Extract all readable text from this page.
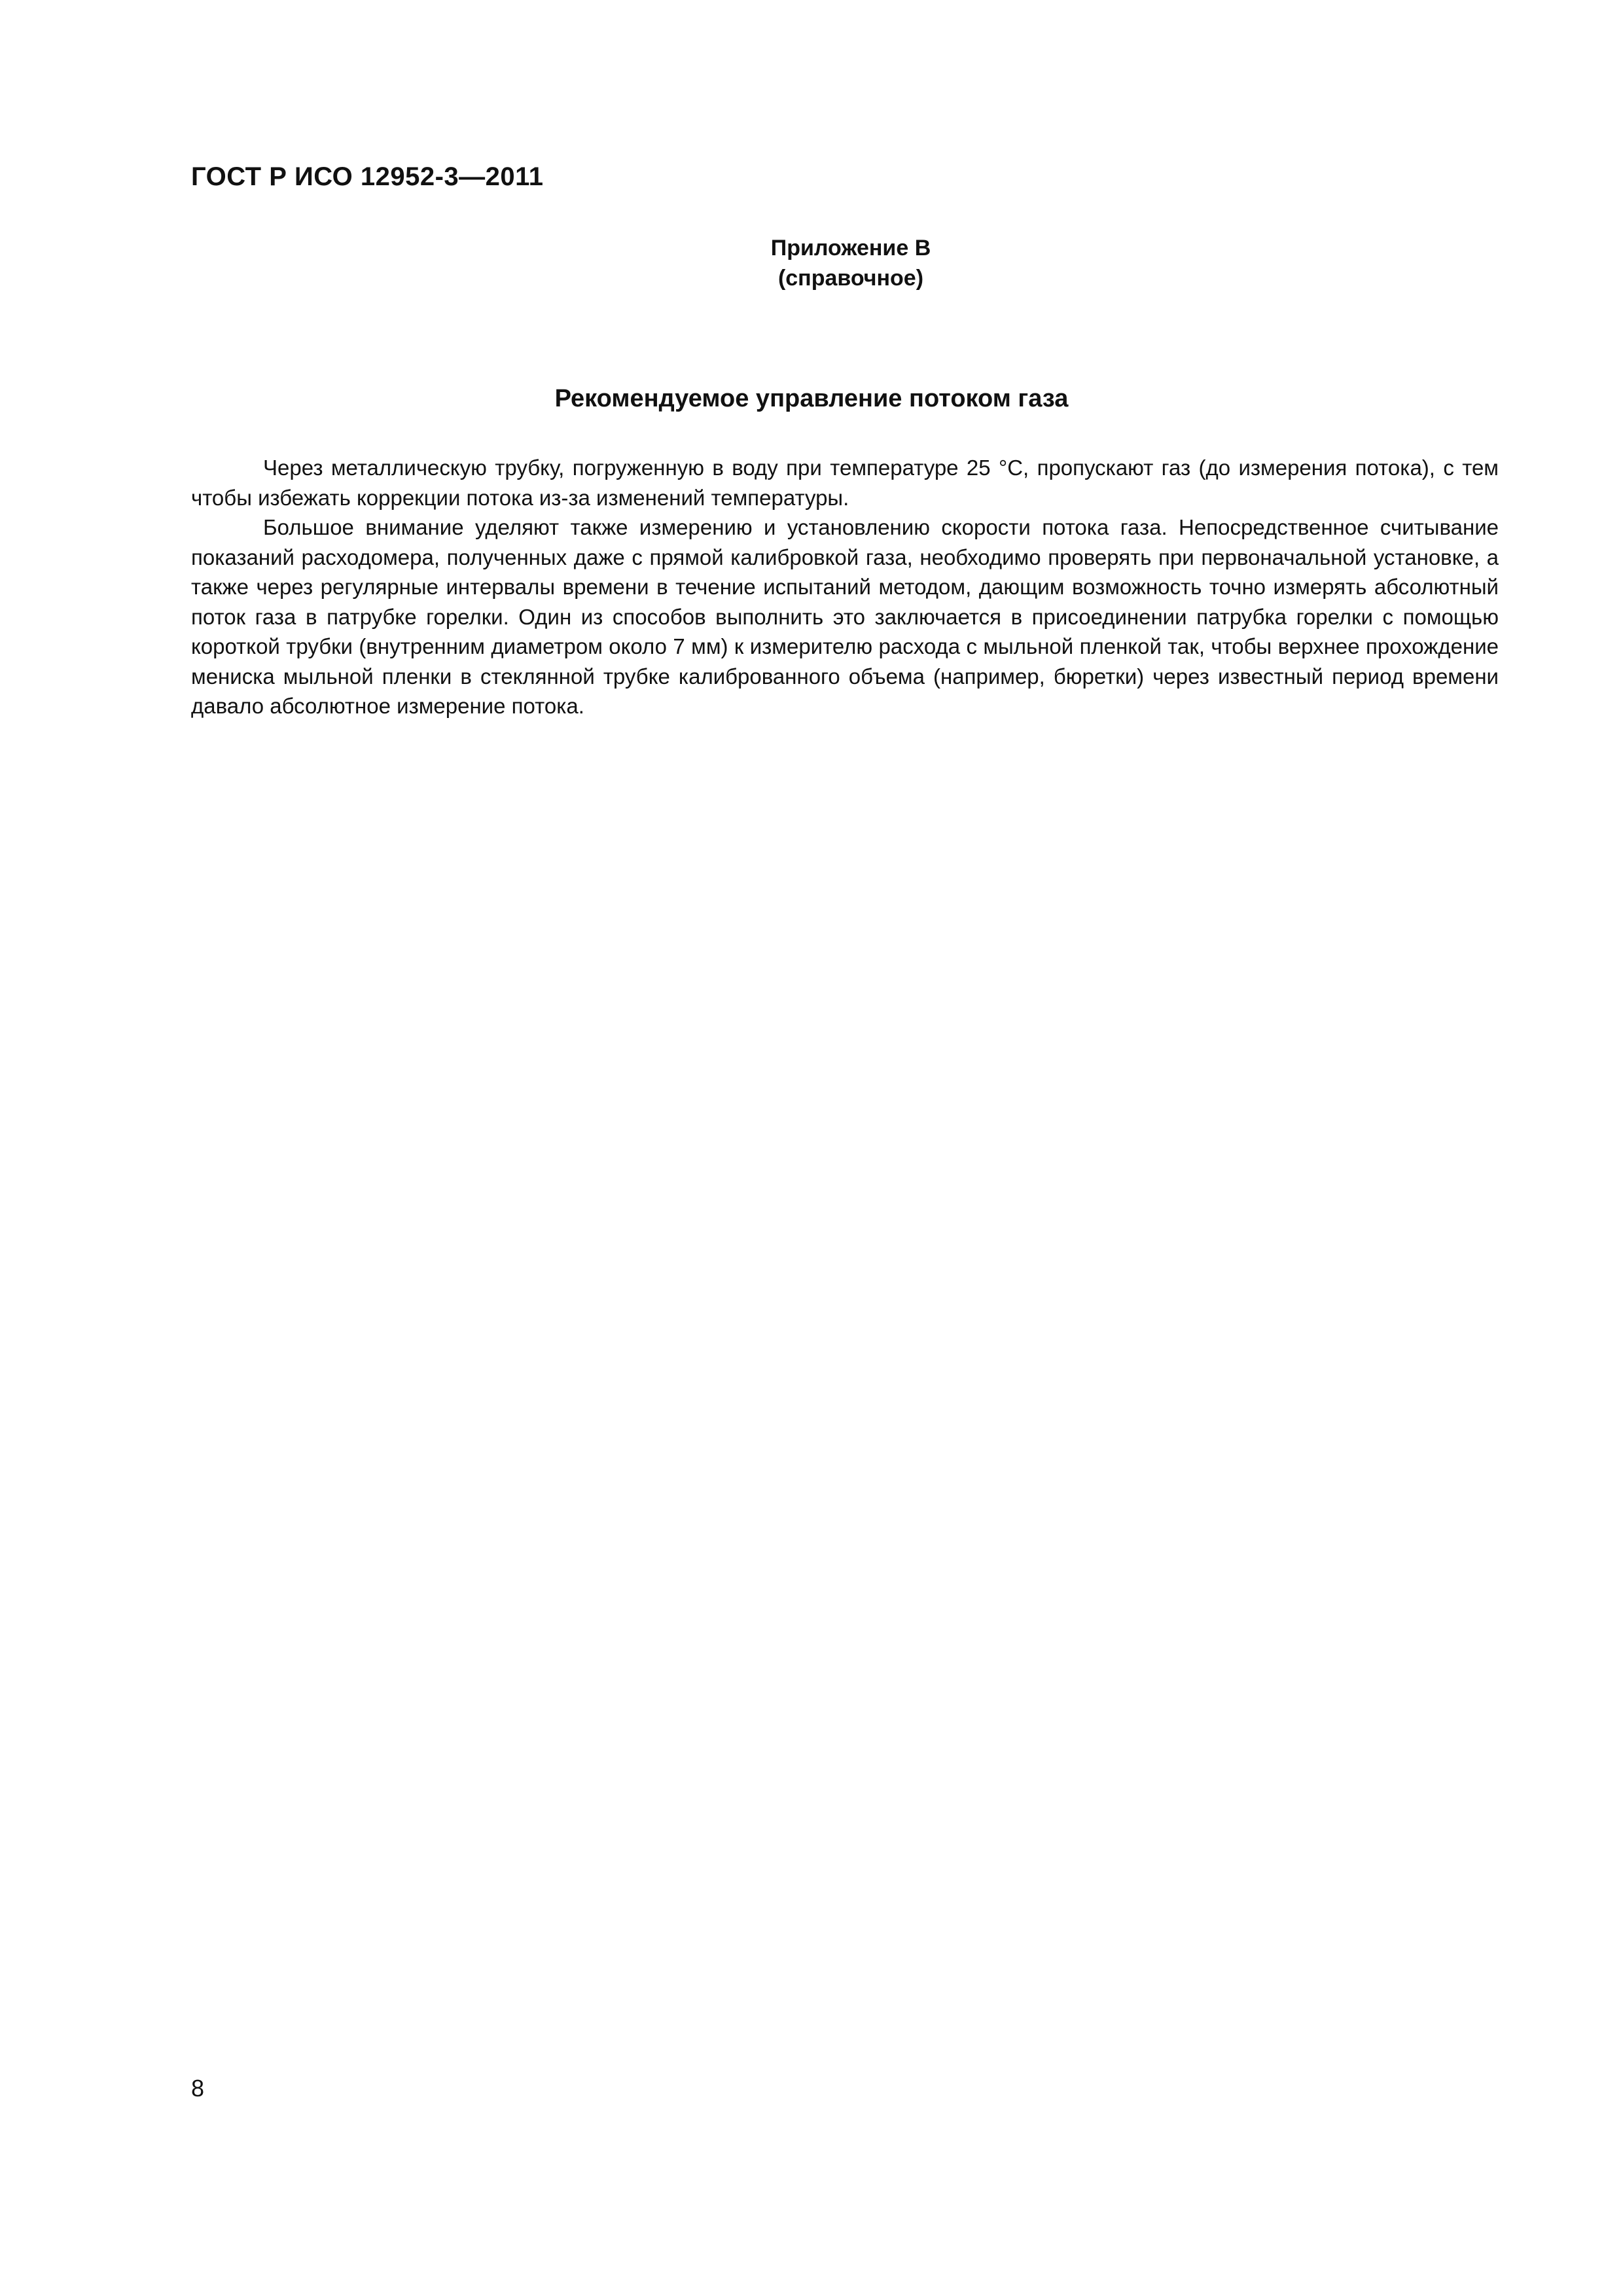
ГОСТ Р ИСО 12952-3—2011
Приложение В
(справочное)
Рекомендуемое управление потоком газа

Через металлическую трубку, погруженную в воду при температуре 25 °С, пропускают газ (до измерения потока), с тем чтобы избежать коррекции потока из-за изменений температуры.

Большое внимание уделяют также измерению и установлению скорости потока газа. Непосредственное считывание показаний расходомера, полученных даже с прямой калибровкой газа, необходимо проверять при первоначальной установке, а также через регулярные интервалы времени в течение испытаний методом, дающим возможность точно измерять абсолютный поток газа в патрубке горелки. Один из способов выполнить это заключается в присоединении патрубка горелки с помощью короткой трубки (внутренним диаметром около 7 мм) к измерителю расхода с мыльной пленкой так, чтобы верхнее прохождение мениска мыльной пленки в стеклянной трубке калиброванного объема (например, бюретки) через известный период времени давало абсолютное измерение потока.

8
